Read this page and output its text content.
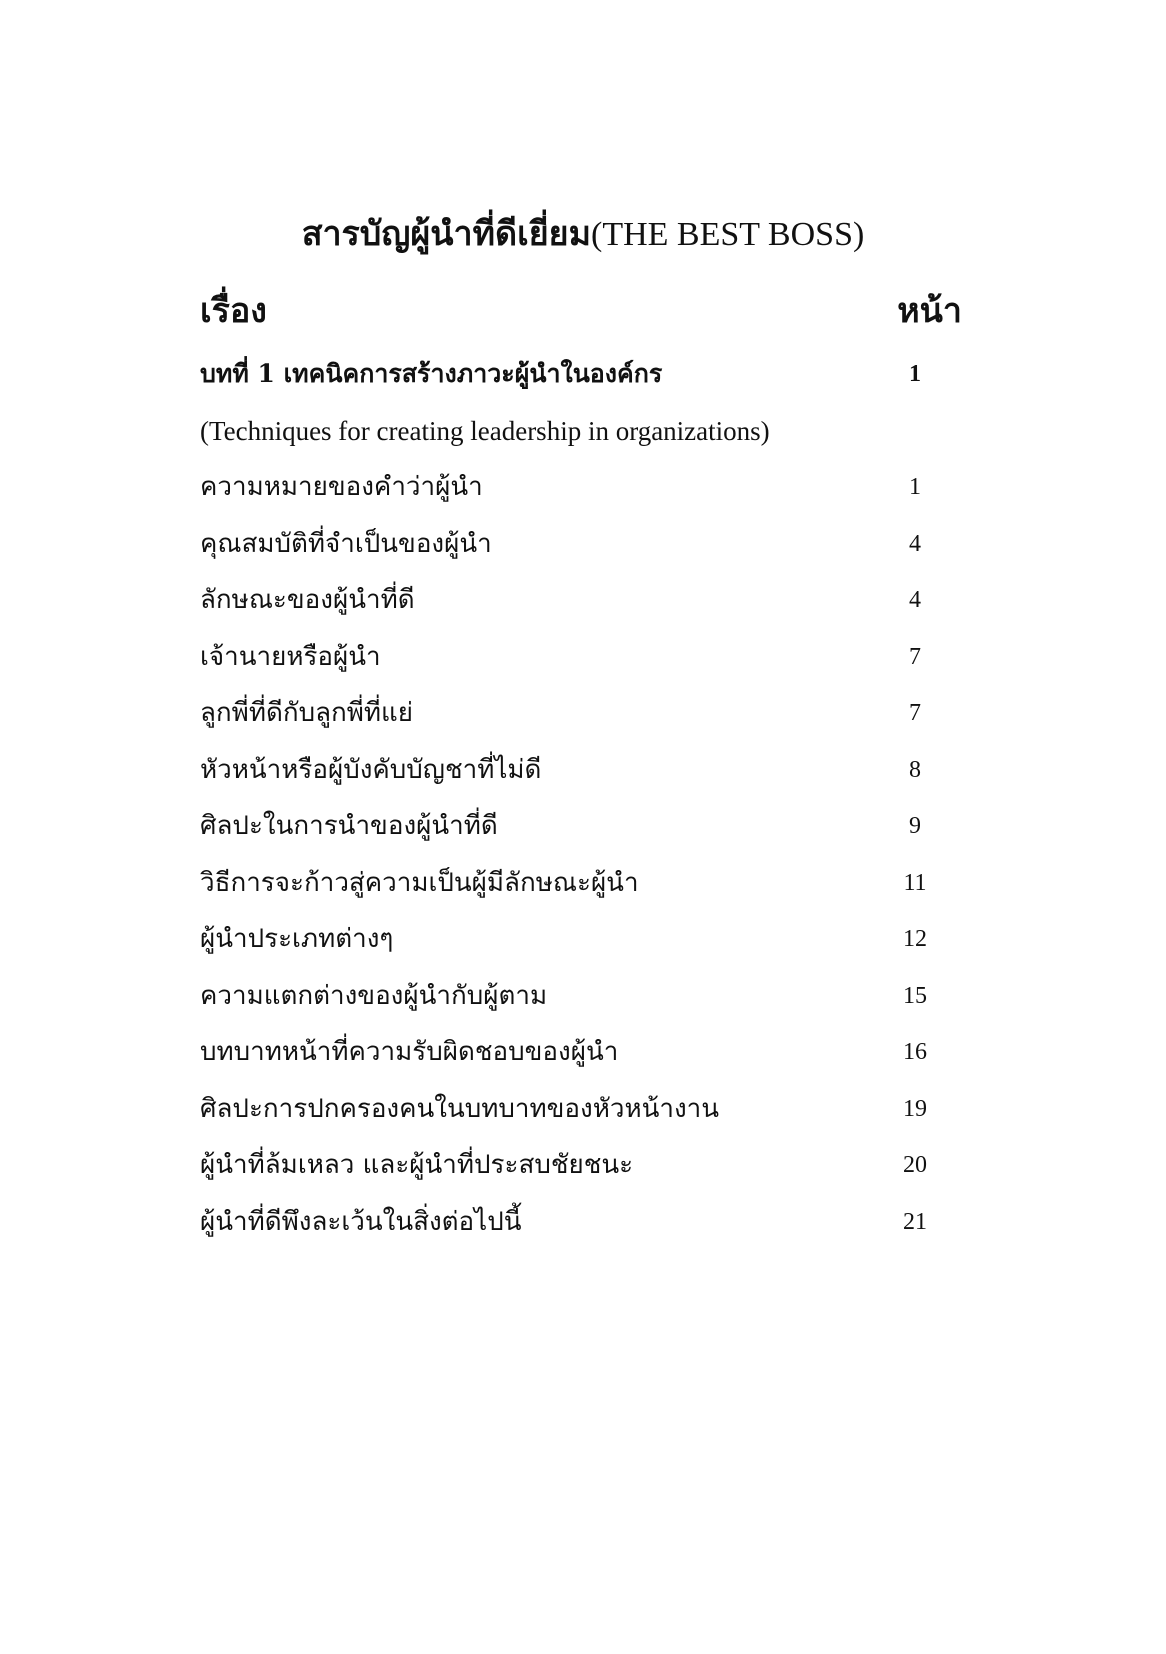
สารบัญผู้นำที่ดีเยี่ยม(THE BEST BOSS)
เรื่อง	หน้า
บทที่ 1 เทคนิคการสร้างภาวะผู้นำในองค์กร	1
(Techniques for creating leadership in organizations)
ความหมายของคำว่าผู้นำ	1
คุณสมบัติที่จำเป็นของผู้นำ	4
ลักษณะของผู้นำที่ดี	4
เจ้านายหรือผู้นำ	7
ลูกพี่ที่ดีกับลูกพี่ที่แย่	7
หัวหน้าหรือผู้บังคับบัญชาที่ไม่ดี	8
ศิลปะในการนำของผู้นำที่ดี	9
วิธีการจะก้าวสู่ความเป็นผู้มีลักษณะผู้นำ	11
ผู้นำประเภทต่างๆ	12
ความแตกต่างของผู้นำกับผู้ตาม	15
บทบาทหน้าที่ความรับผิดชอบของผู้นำ	16
ศิลปะการปกครองคนในบทบาทของหัวหน้างาน	19
ผู้นำที่ล้มเหลว และผู้นำที่ประสบชัยชนะ	20
ผู้นำที่ดีพึงละเว้นในสิ่งต่อไปนี้	21
